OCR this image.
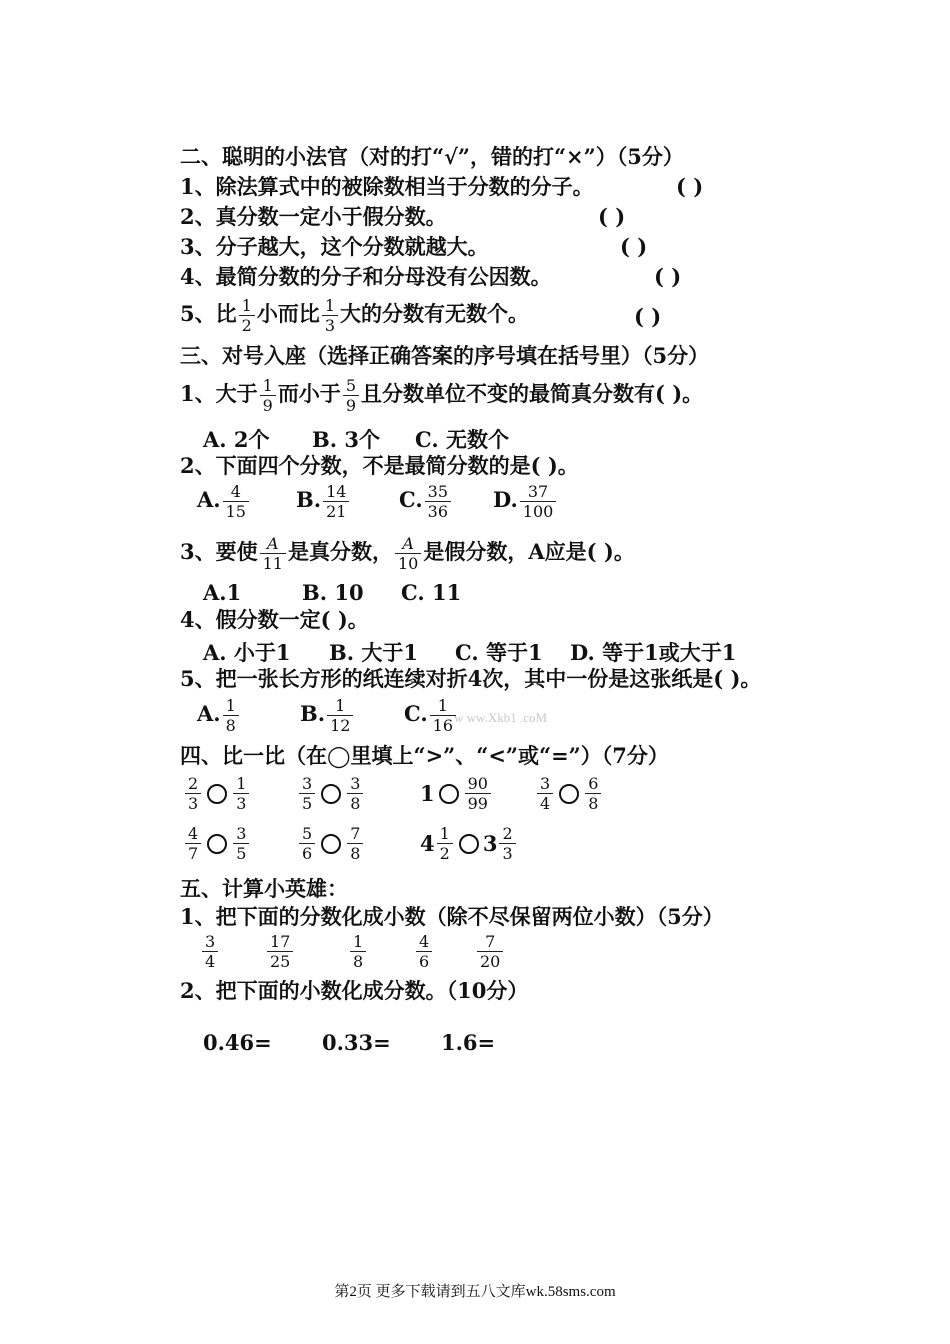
二、聪明的小法官（对的打“√”，错的打“×”）（5分）
1、除法算式中的被除数相当于分数的分子。	( )
2、真分数一定小于假分数。	( )
3、分子越大，这个分数就越大。	( )
4、最简分数的分子和分母没有公因数。	( )
5、比 $\frac{1}{2}$ 小而比 $\frac{1}{3}$ 大的分数有无数个。	( )
三、对号入座（选择正确答案的序号填在括号里）（5分）
1、大于 $\frac{1}{9}$ 而小于 $\frac{5}{9}$ 且分数单位不变的最简真分数有( )。
A. 2个 B. 3个 C. 无数个
2、下面四个分数，不是最简分数的是( )。
A. $\frac{4}{15} B$. $\frac{14}{21} C$. $\frac{35}{36} D$. $\frac{37}{100}$
3、要使 $\frac{A}{11}$ 是真分数， $\frac{A}{10}$ 是假分数，A应是( )。
A.1	B. 10 C. 11
4、假分数一定( )。
A. 小于1 B. 大于1 C. 等于1 D. 等于1或大于1
5、把一张长方形的纸连续对折4次，其中一份是这张纸是( )。
A. $\frac{1}{8}$	B. $\frac{1}{12} C$. $\frac{1}{16}$
w ww.Xkb1 .coM
四、比一比（在◯里填上“>”、“<”或“=”）（7分）
$\frac{2}{3} \frac{1}{3}$	$\frac{3}{5} \frac{3}{8}$	$1 \frac{90}{99}$	$\frac{3}{4} \frac{6}{8}$
$\frac{4}{7} \frac{3}{5}$	$\frac{5}{6} \frac{7}{8}$	$4 \frac{1}{2} 3 \frac{2}{3}$
五、计算小英雄：
1、把下面的分数化成小数（除不尽保留两位小数）（5分）
$\frac{3}{4}$	$\frac{17}{25}$	$\frac{1}{8}$	$\frac{4}{6}$	$\frac{7}{20}$
2、把下面的小数化成分数。（10分）
0.46= 0.33= 1.6=
第2页 更多下载请到五八文库wk.58sms.com
